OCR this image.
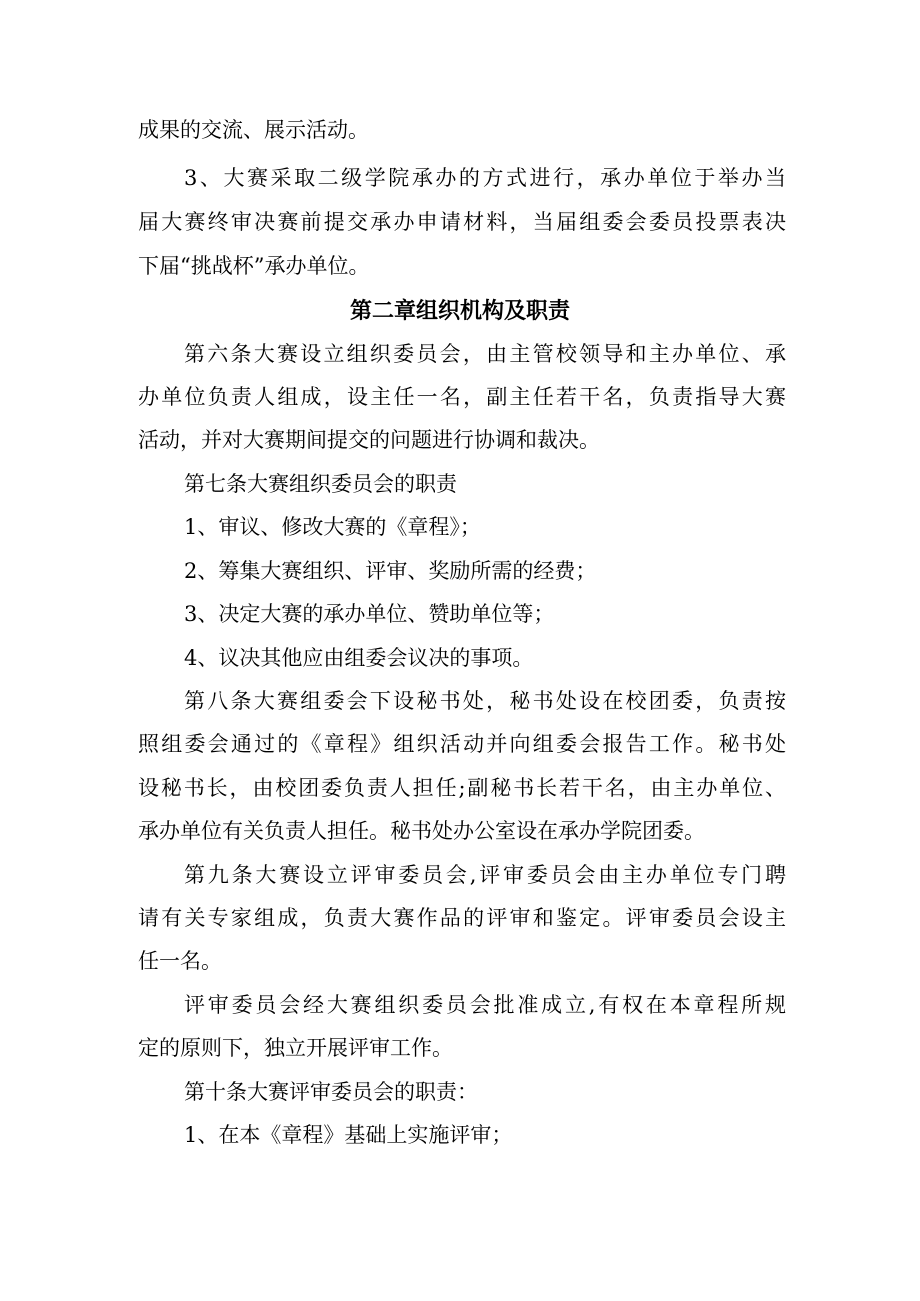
成果的交流、展示活动。
3、大赛采取二级学院承办的方式进行，承办单位于举办当
届大赛终审决赛前提交承办申请材料，当届组委会委员投票表决
下届“挑战杯”承办单位。
第二章组织机构及职责
第六条大赛设立组织委员会，由主管校领导和主办单位、承
办单位负责人组成，设主任一名，副主任若干名，负责指导大赛
活动，并对大赛期间提交的问题进行协调和裁决。
第七条大赛组织委员会的职责
1、审议、修改大赛的《章程》；
2、筹集大赛组织、评审、奖励所需的经费；
3、决定大赛的承办单位、赞助单位等；
4、议决其他应由组委会议决的事项。
第八条大赛组委会下设秘书处，秘书处设在校团委，负责按
照组委会通过的《章程》组织活动并向组委会报告工作。秘书处
设秘书长，由校团委负责人担任;副秘书长若干名，由主办单位、
承办单位有关负责人担任。秘书处办公室设在承办学院团委。
第九条大赛设立评审委员会,评审委员会由主办单位专门聘
请有关专家组成，负责大赛作品的评审和鉴定。评审委员会设主
任一名。
评审委员会经大赛组织委员会批准成立,有权在本章程所规
定的原则下，独立开展评审工作。
第十条大赛评审委员会的职责：
1、在本《章程》基础上实施评审；
